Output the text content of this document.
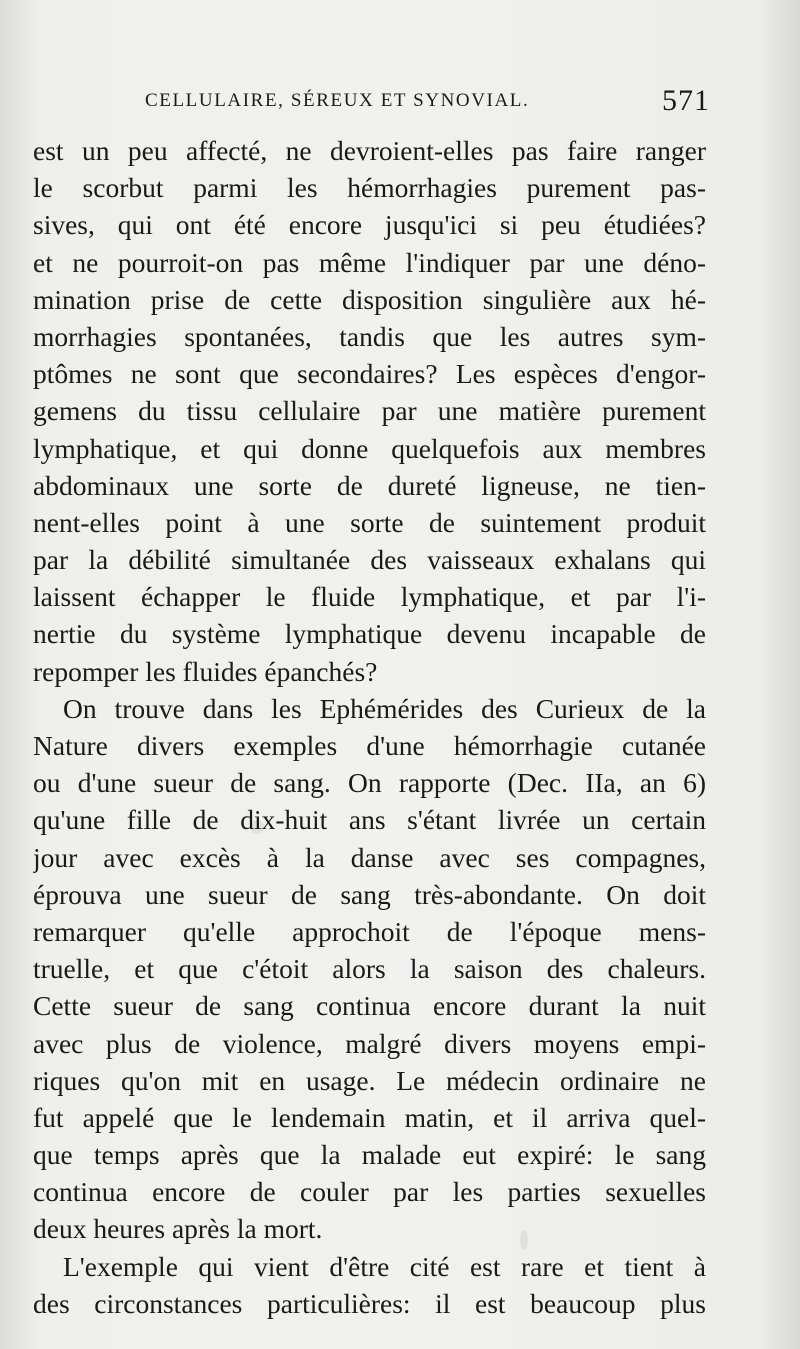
CELLULAIRE, SÉREUX ET SYNOVIAL.	571
est un peu affecté, ne devroient-elles pas faire ranger
le scorbut parmi les hémorrhagies purement pas-
sives, qui ont été encore jusqu'ici si peu étudiées?
et ne pourroit-on pas même l'indiquer par une déno-
mination prise de cette disposition singulière aux hé-
morrhagies spontanées, tandis que les autres sym-
ptômes ne sont que secondaires? Les espèces d'engor-
gemens du tissu cellulaire par une matière purement
lymphatique, et qui donne quelquefois aux membres
abdominaux une sorte de dureté ligneuse, ne tien-
nent-elles point à une sorte de suintement produit
par la débilité simultanée des vaisseaux exhalans qui
laissent échapper le fluide lymphatique, et par l'i-
nertie du système lymphatique devenu incapable de
repomper les fluides épanchés?
On trouve dans les Ephémérides des Curieux de la
Nature divers exemples d'une hémorrhagie cutanée
ou d'une sueur de sang. On rapporte (Dec. IIa, an 6)
qu'une fille de dix-huit ans s'étant livrée un certain
jour avec excès à la danse avec ses compagnes,
éprouva une sueur de sang très-abondante. On doit
remarquer qu'elle approchoit de l'époque mens-
truelle, et que c'étoit alors la saison des chaleurs.
Cette sueur de sang continua encore durant la nuit
avec plus de violence, malgré divers moyens empi-
riques qu'on mit en usage. Le médecin ordinaire ne
fut appelé que le lendemain matin, et il arriva quel-
que temps après que la malade eut expiré: le sang
continua encore de couler par les parties sexuelles
deux heures après la mort.
L'exemple qui vient d'être cité est rare et tient à
des circonstances particulières: il est beaucoup plus
